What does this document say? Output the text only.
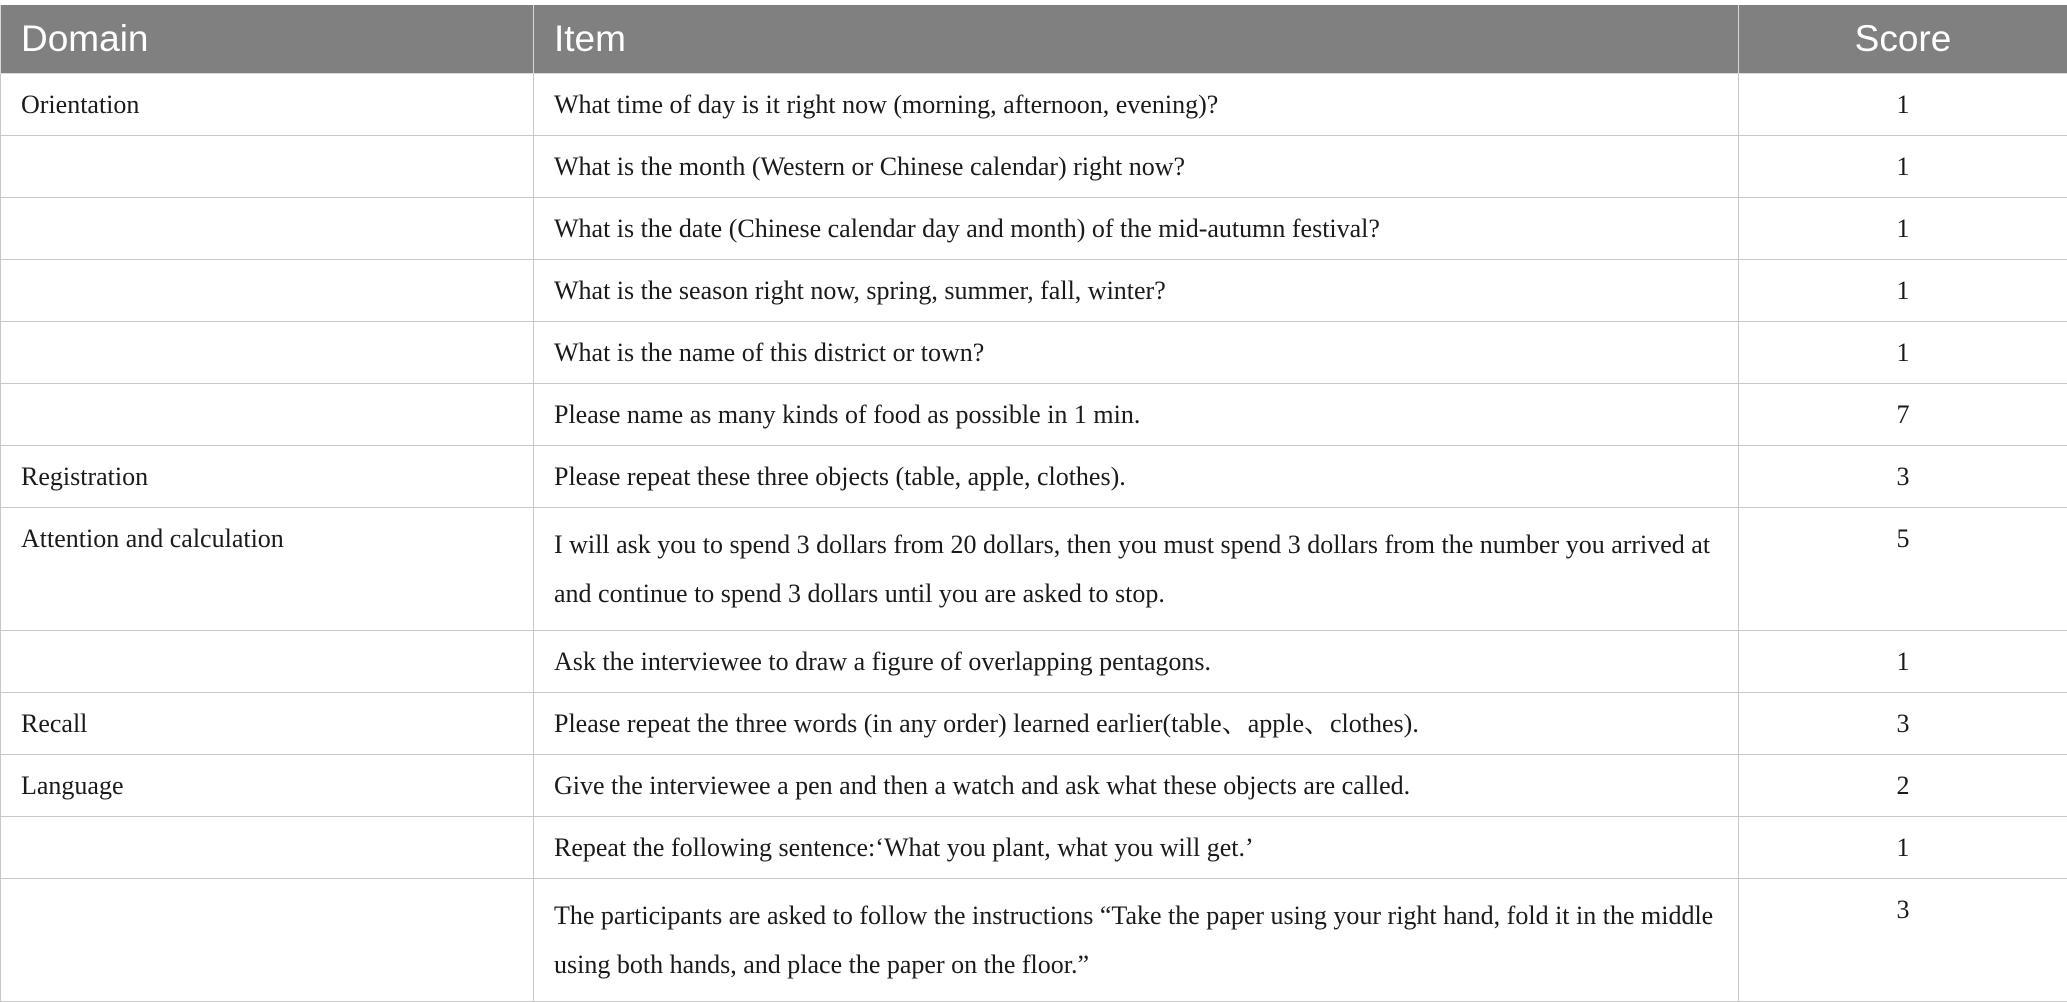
Domain	Item	Score
Orientation	What time of day is it right now (morning, afternoon, evening)?	1
	What is the month (Western or Chinese calendar) right now?	1
	What is the date (Chinese calendar day and month) of the mid-autumn festival?	1
	What is the season right now, spring, summer, fall, winter?	1
	What is the name of this district or town?	1
	Please name as many kinds of food as possible in 1 min.	7
Registration	Please repeat these three objects (table, apple, clothes).	3
Attention and calculation	I will ask you to spend 3 dollars from 20 dollars, then you must spend 3 dollars from the number you arrived at and continue to spend 3 dollars until you are asked to stop.	5
	Ask the interviewee to draw a figure of overlapping pentagons.	1
Recall	Please repeat the three words (in any order) learned earlier(table、apple、clothes).	3
Language	Give the interviewee a pen and then a watch and ask what these objects are called.	2
	Repeat the following sentence:‘What you plant, what you will get.’	1
	The participants are asked to follow the instructions “Take the paper using your right hand, fold it in the middle using both hands, and place the paper on the floor.”	3
